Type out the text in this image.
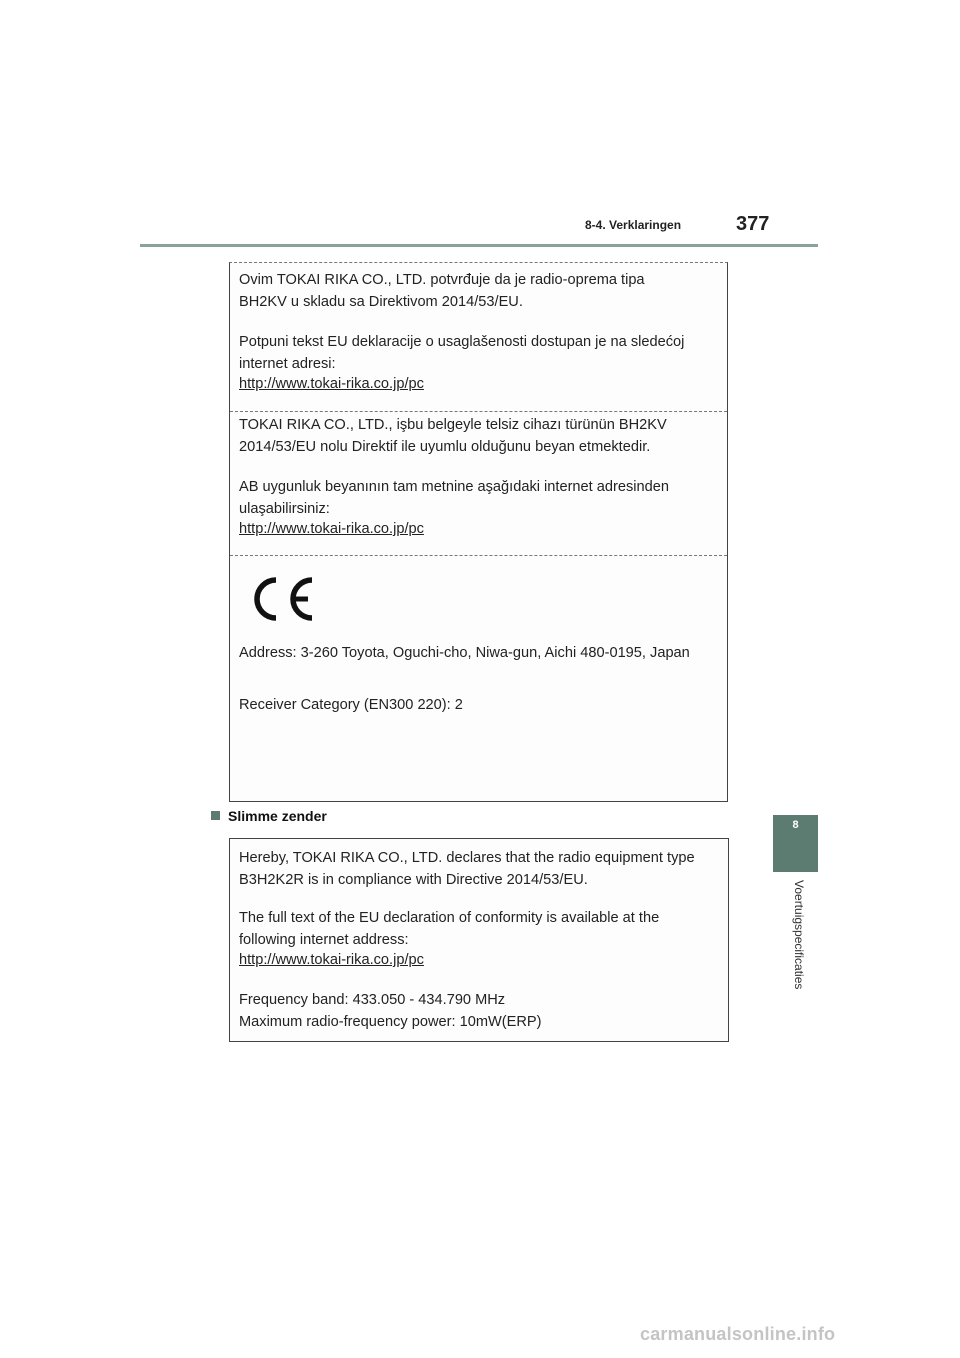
8-4. Verklaringen	377
8
Voertuigspecificaties
Ovim TOKAI RIKA CO., LTD. potvrđuje da je radio-oprema tipa
BH2KV u skladu sa Direktivom 2014/53/EU.
Potpuni tekst EU deklaracije o usaglašenosti dostupan je na sledećoj
internet adresi:
http://www.tokai-rika.co.jp/pc
TOKAI RIKA CO., LTD., işbu belgeyle telsiz cihazı türünün BH2KV
2014/53/EU nolu Direktif ile uyumlu olduğunu beyan etmektedir.
AB uygunluk beyanının tam metnine aşağıdaki internet adresinden
ulaşabilirsiniz:
http://www.tokai-rika.co.jp/pc
Address: 3-260 Toyota, Oguchi-cho, Niwa-gun, Aichi 480-0195, Japan
Receiver Category (EN300 220): 2
Slimme zender
Hereby, TOKAI RIKA CO., LTD. declares that the radio equipment type
B3H2K2R is in compliance with Directive 2014/53/EU.
The full text of the EU declaration of conformity is available at the
following internet address:
http://www.tokai-rika.co.jp/pc
Frequency band: 433.050 - 434.790 MHz
Maximum radio-frequency power: 10mW(ERP)
carmanualsonline.info
